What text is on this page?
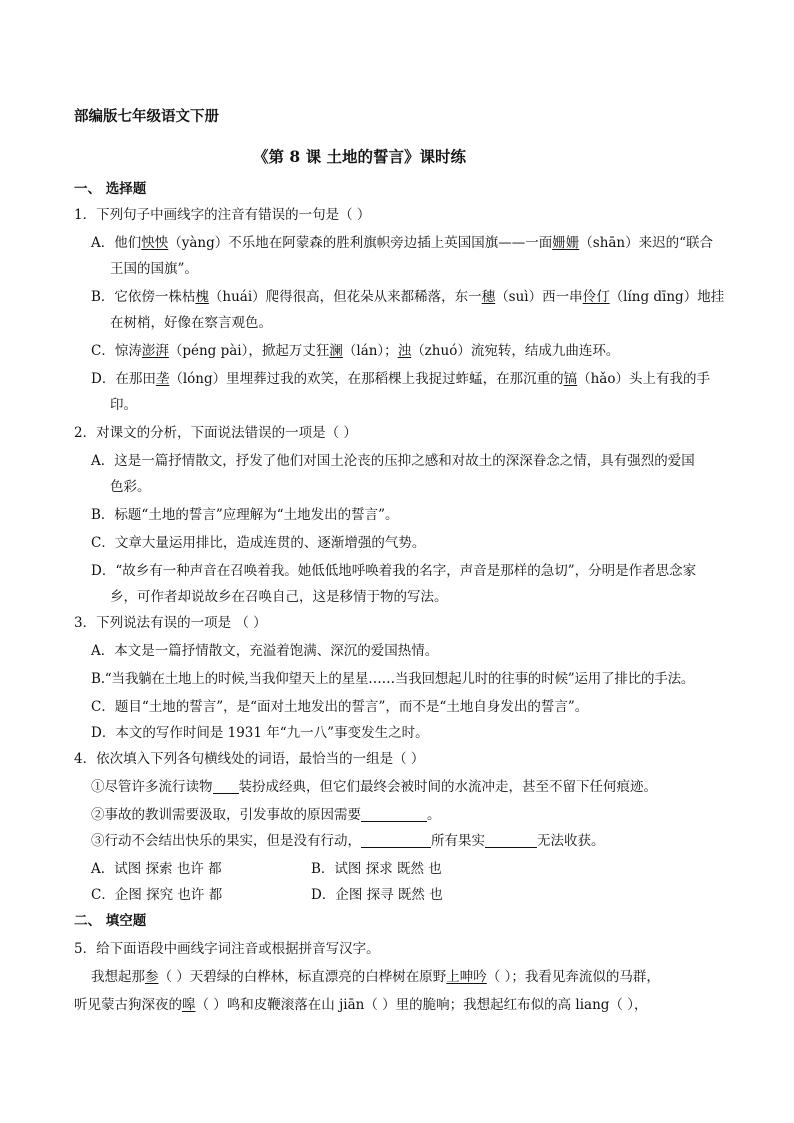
部编版七年级语文下册
《第 8 课 土地的誓言》课时练
一、 选择题
1．下列句子中画线字的注音有错误的一句是（ ）
A．他们怏怏（yàng）不乐地在阿蒙森的胜利旗帜旁边插上英国国旗——一面姗姗（shān）来迟的“联合
王国的国旗”。
B．它依傍一株枯槐（huái）爬得很高，但花朵从来都稀落，东一穗（suì）西一串伶仃（líng dīng）地挂
在树梢，好像在察言观色。
C．惊涛澎湃（péng pài），掀起万丈狂澜（lán）；浊（zhuó）流宛转，结成九曲连环。
D．在那田垄（lóng）里埋葬过我的欢笑，在那稻棵上我捉过蚱蜢，在那沉重的镐（hǎo）头上有我的手
印。
2．对课文的分析，下面说法错误的一项是（ ）
A．这是一篇抒情散文，抒发了他们对国土沦丧的压抑之感和对故土的深深眷念之情，具有强烈的爱国
色彩。
B．标题“土地的誓言”应理解为“土地发出的誓言”。
C．文章大量运用排比，造成连贯的、逐渐增强的气势。
D．“故乡有一种声音在召唤着我。她低低地呼唤着我的名字，声音是那样的急切”，分明是作者思念家
乡，可作者却说故乡在召唤自己，这是移情于物的写法。
3．下列说法有误的一项是 （ ）
A．本文是一篇抒情散文，充溢着饱满、深沉的爱国热情。
B.“当我躺在土地上的时候,当我仰望天上的星星……当我回想起儿时的往事的时候”运用了排比的手法。
C．题目“土地的誓言”，是“面对土地发出的誓言”，而不是“土地自身发出的誓言”。
D．本文的写作时间是 1931 年“九一八”事变发生之时。
4．依次填入下列各句横线处的词语，最恰当的一组是（ ）
①尽管许多流行读物 装扮成经典，但它们最终会被时间的水流冲走，甚至不留下任何痕迹。
②事故的教训需要汲取，引发事故的原因需要	。
③行动不会结出快乐的果实，但是没有行动，	所有果实	无法收获。
A．试图 探索 也许 都	B．试图 探求 既然 也
C．企图 探究 也许 都	D．企图 探寻 既然 也
二、 填空题
5．给下面语段中画线字词注音或根据拼音写汉字。
我想起那参（ ）天碧绿的白桦林，标直漂亮的白桦树在原野上呻吟（ ）；我看见奔流似的马群，
听见蒙古狗深夜的嗥（ ）鸣和皮鞭滚落在山 jiān（ ）里的脆响；我想起红布似的高 liang（ ），
